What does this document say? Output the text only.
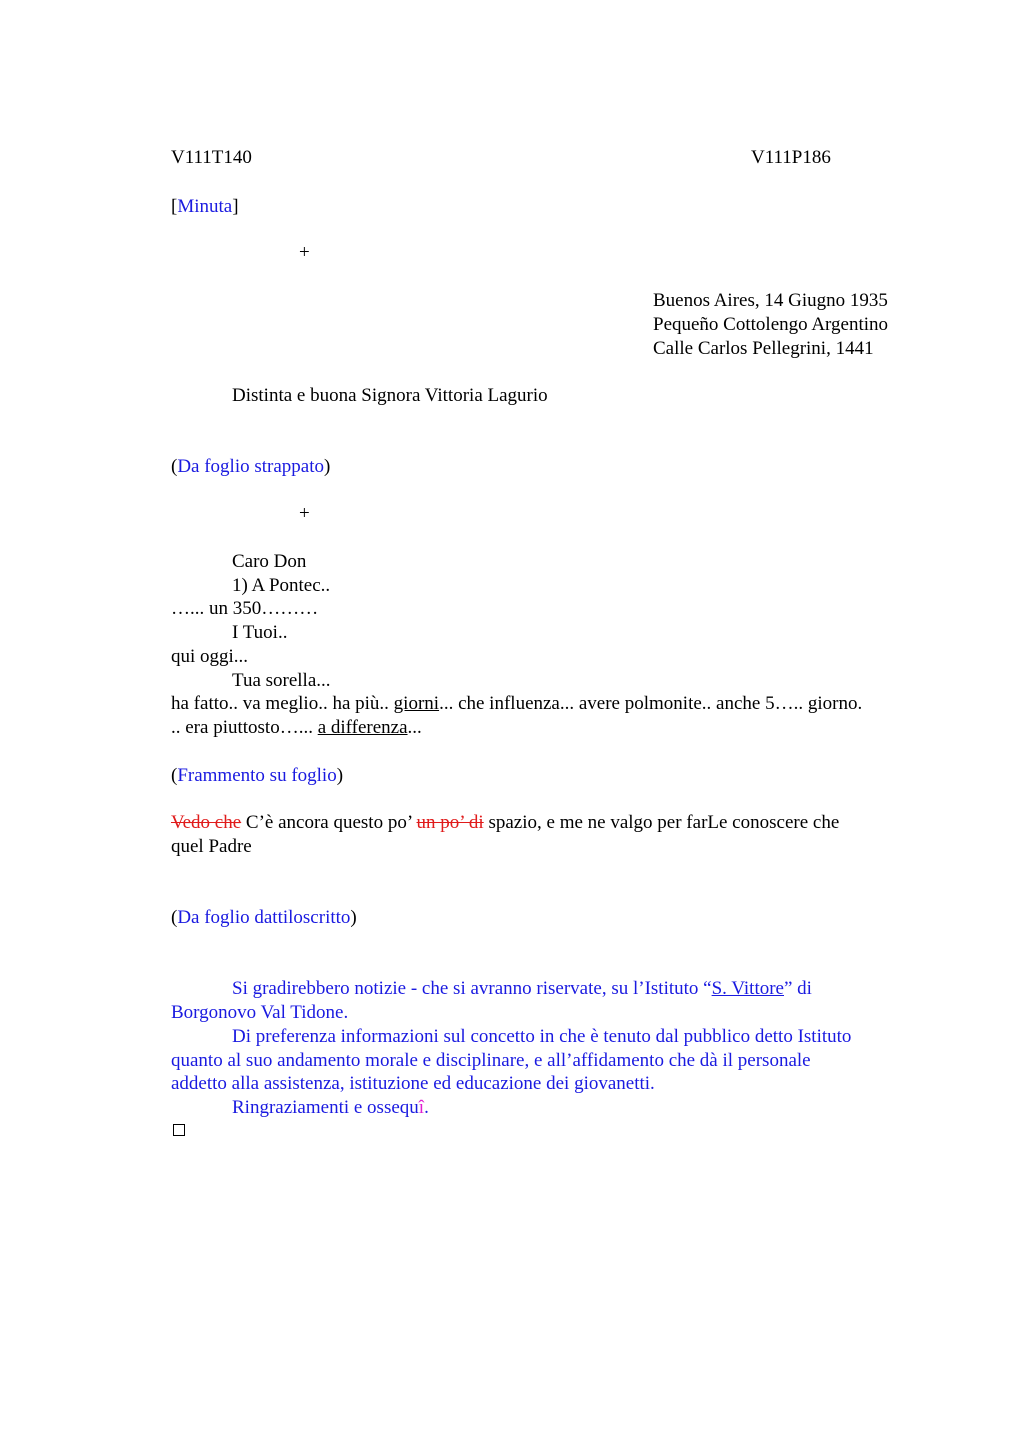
V111T140	V111P186
[Minuta]
+
Buenos Aires, 14 Giugno 1935
Pequeño Cottolengo Argentino
Calle Carlos Pellegrini, 1441
Distinta e buona Signora Vittoria Lagurio
(Da foglio strappato)
+
Caro Don
1) A Pontec..
…... un 350………
I Tuoi..
qui oggi...
Tua sorella...
ha fatto.. va meglio.. ha più.. giorni... che influenza... avere polmonite.. anche 5….. giorno.
.. era piuttosto…... a differenza...
(Frammento su foglio)
Vedo che C’è ancora questo po’ un po’ di spazio, e me ne valgo per farLe conoscere che
quel Padre
(Da foglio dattiloscritto)
Si gradirebbero notizie - che si avranno riservate, su l’Istituto “S. Vittore” di
Borgonovo Val Tidone.
Di preferenza informazioni sul concetto in che è tenuto dal pubblico detto Istituto
quanto al suo andamento morale e disciplinare, e all’affidamento che dà il personale
addetto alla assistenza, istituzione ed educazione dei giovanetti.
Ringraziamenti e ossequî.
